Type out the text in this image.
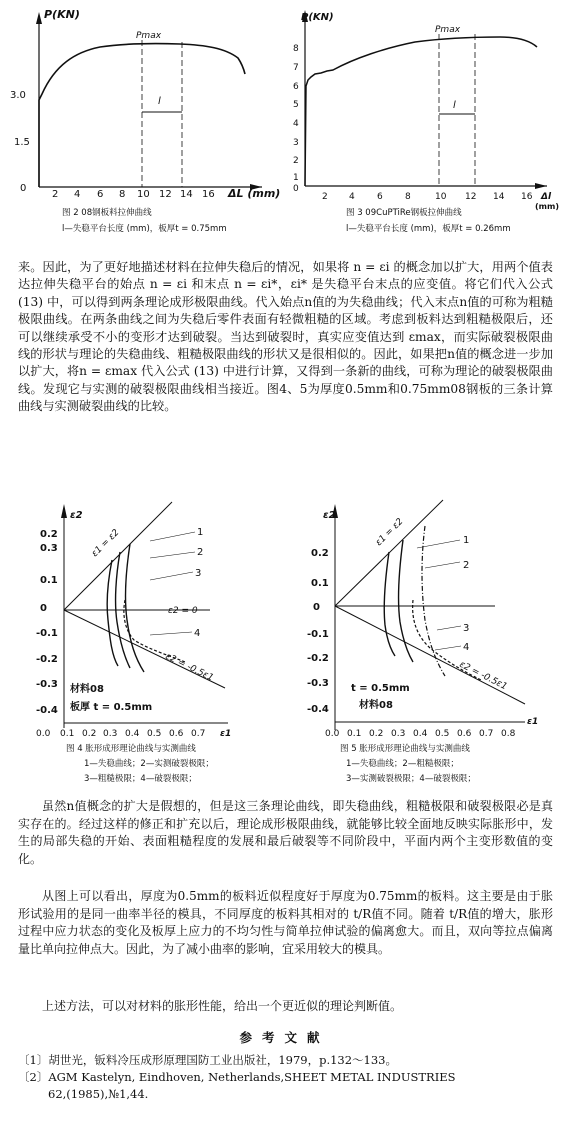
P(KN)
3.0
1.5
0
2 4 6 8 10 12 14 16 ΔL (mm)
Pmax
l
图 2 08钢板料拉伸曲线
l—失稳平台长度 (mm)，板厚t = 0.75mm
P(KN)
8
7
6
5
4
3
2
1
0
2 4 6 8	10 12 14 16 Δl
(mm)
Pmax
l
图 3 09CuPTiRe钢板拉伸曲线
l—失稳平台长度 (mm)，板厚t = 0.26mm

来。因此，为了更好地描述材料在拉伸失稳后的情况，如果将 n = εi 的概念加以扩大，用两个值表达拉伸失稳平台的始点 n = εi 和末点 n = εi*，εi* 是失稳平台末点的应变值。将它们代入公式 (13) 中，可以得到两条理论成形极限曲线。代入始点n值的为失稳曲线；代入末点n值的可称为粗糙极限曲线。在两条曲线之间为失稳后零件表面有轻微粗糙的区域。考虑到板料达到粗糙极限后，还可以继续承受不小的变形才达到破裂。当达到破裂时，真实应变值达到 εmax，而实际破裂极限曲线的形状与理论的失稳曲线、粗糙极限曲线的形状又是很相似的。因此，如果把n值的概念进一步加以扩大，将n = εmax 代入公式 (13) 中进行计算，又得到一条新的曲线，可称为理论的破裂极限曲线。发现它与实测的破裂极限曲线相当接近。图4、5为厚度0.5mm和0.75mm08钢板的三条计算曲线与实测破裂曲线的比较。

ε2
0.2
0.3
0.1
0
-0.1
-0.2
-0.3
-0.4
0.0 0.1 0.2 0.3 0.4 0.5 0.6 0.7 ε1
ε2 = 0
ε1 = ε2
ε2 = -0.5ε1
1
2
3
4
材料08
板厚 t = 0.5mm
图 4 胀形成形理论曲线与实测曲线
1—失稳曲线；2—实测破裂极限；
3—粗糙极限；4—破裂极限；
ε2
0.2
0.1
0
-0.1
-0.2
-0.3
-0.4
0.0 0.1 0.2 0.3 0.4 0.5 0.6 0.7 0.8
ε1
ε1 = ε2
ε2 = -0.5ε1
1
2
3
4
t = 0.5mm
材料08
图 5 胀形成形理论曲线与实测曲线
1—失稳曲线；2—粗糙极限；
3—实测破裂极限；4—破裂极限；

虽然n值概念的扩大是假想的，但是这三条理论曲线，即失稳曲线，粗糙极限和破裂极限必是真实存在的。经过这样的修正和扩充以后，理论成形极限曲线，就能够比较全面地反映实际胀形中，发生的局部失稳的开始、表面粗糙程度的发展和最后破裂等不同阶段中，平面内两个主变形数值的变化。

从图上可以看出，厚度为0.5mm的板料近似程度好于厚度为0.75mm的板料。这主要是由于胀形试验用的是同一曲率半径的模具，不同厚度的板料其相对的 t/R值不同。随着 t/R值的增大，胀形过程中应力状态的变化及板厚上应力的不均匀性与简单拉伸试验的偏离愈大。而且，双向等拉点偏离量比单向拉伸点大。因此，为了减小曲率的影响，宜采用较大的模具。

上述方法，可以对材料的胀形性能，给出一个更近似的理论判断值。

参考文献
〔1〕胡世光，钣料冷压成形原理国防工业出版社，1979，p.132～133。
〔2〕AGM Kastelyn, Eindhoven, Netherlands,SHEET METAL INDUSTRIES
62,(1985),№1,44.
